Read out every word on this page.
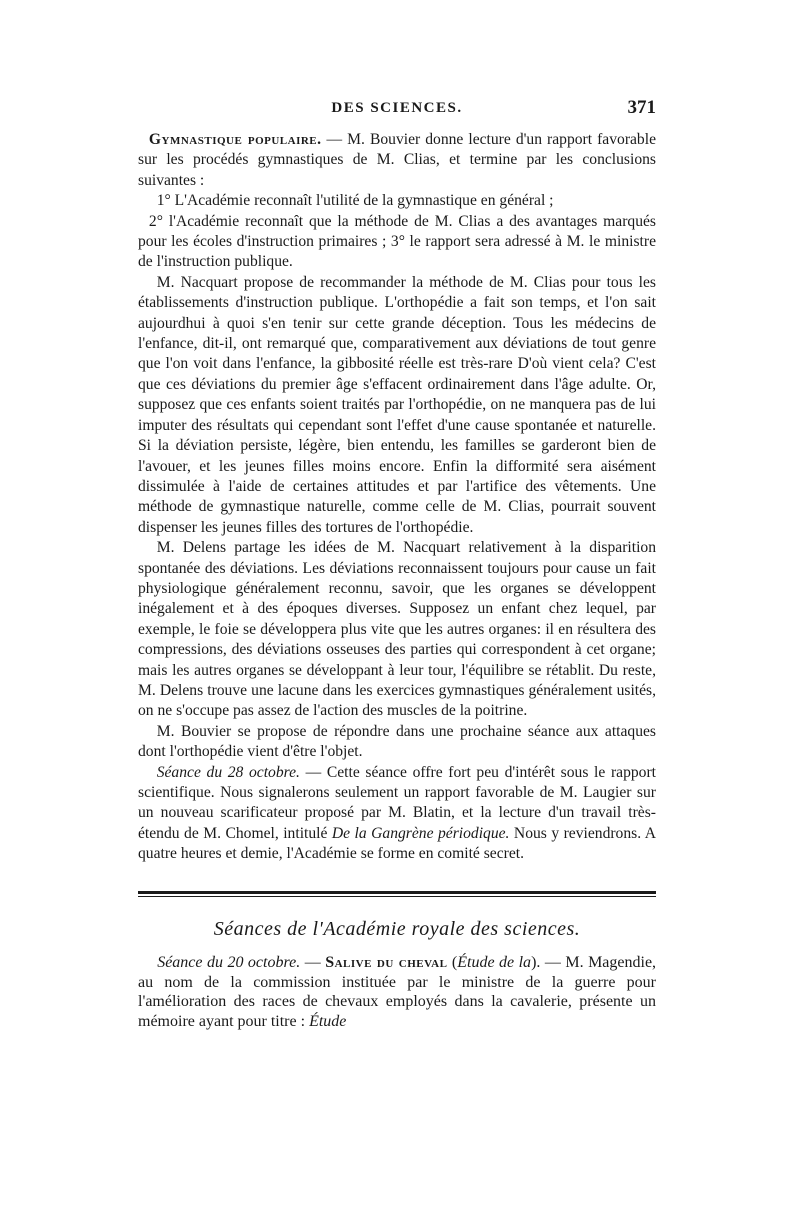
DES SCIENCES.	371

Gymnastique populaire. — M. Bouvier donne lecture d'un rapport favorable sur les procédés gymnastiques de M. Clias, et termine par les conclusions suivantes :

1° L'Académie reconnaît l'utilité de la gymnastique en général ;

2° l'Académie reconnaît que la méthode de M. Clias a des avantages marqués pour les écoles d'instruction primaires ; 3° le rapport sera adressé à M. le ministre de l'instruction publique.

M. Nacquart propose de recommander la méthode de M. Clias pour tous les établissements d'instruction publique. L'orthopédie a fait son temps, et l'on sait aujourdhui à quoi s'en tenir sur cette grande déception. Tous les médecins de l'enfance, dit-il, ont remarqué que, comparativement aux déviations de tout genre que l'on voit dans l'enfance, la gibbosité réelle est très-rare D'où vient cela? C'est que ces déviations du premier âge s'effacent ordinairement dans l'âge adulte. Or, supposez que ces enfants soient traités par l'orthopédie, on ne manquera pas de lui imputer des résultats qui cependant sont l'effet d'une cause spontanée et naturelle. Si la déviation persiste, légère, bien entendu, les familles se garderont bien de l'avouer, et les jeunes filles moins encore. Enfin la difformité sera aisément dissimulée à l'aide de certaines attitudes et par l'artifice des vêtements. Une méthode de gymnastique naturelle, comme celle de M. Clias, pourrait souvent dispenser les jeunes filles des tortures de l'orthopédie.

M. Delens partage les idées de M. Nacquart relativement à la disparition spontanée des déviations. Les déviations reconnaissent toujours pour cause un fait physiologique généralement reconnu, savoir, que les organes se développent inégalement et à des époques diverses. Supposez un enfant chez lequel, par exemple, le foie se développera plus vite que les autres organes: il en résultera des compressions, des déviations osseuses des parties qui correspondent à cet organe; mais les autres organes se développant à leur tour, l'équilibre se rétablit. Du reste, M. Delens trouve une lacune dans les exercices gymnastiques généralement usités, on ne s'occupe pas assez de l'action des muscles de la poitrine.

M. Bouvier se propose de répondre dans une prochaine séance aux attaques dont l'orthopédie vient d'être l'objet.

Séance du 28 octobre. — Cette séance offre fort peu d'intérêt sous le rapport scientifique. Nous signalerons seulement un rapport favorable de M. Laugier sur un nouveau scarificateur proposé par M. Blatin, et la lecture d'un travail très-étendu de M. Chomel, intitulé De la Gangrène périodique. Nous y reviendrons. A quatre heures et demie, l'Académie se forme en comité secret.

Séances de l'Académie royale des sciences.

Séance du 20 octobre. — Salive du cheval (Étude de la). — M. Magendie, au nom de la commission instituée par le ministre de la guerre pour l'amélioration des races de chevaux employés dans la cavalerie, présente un mémoire ayant pour titre : Étude
